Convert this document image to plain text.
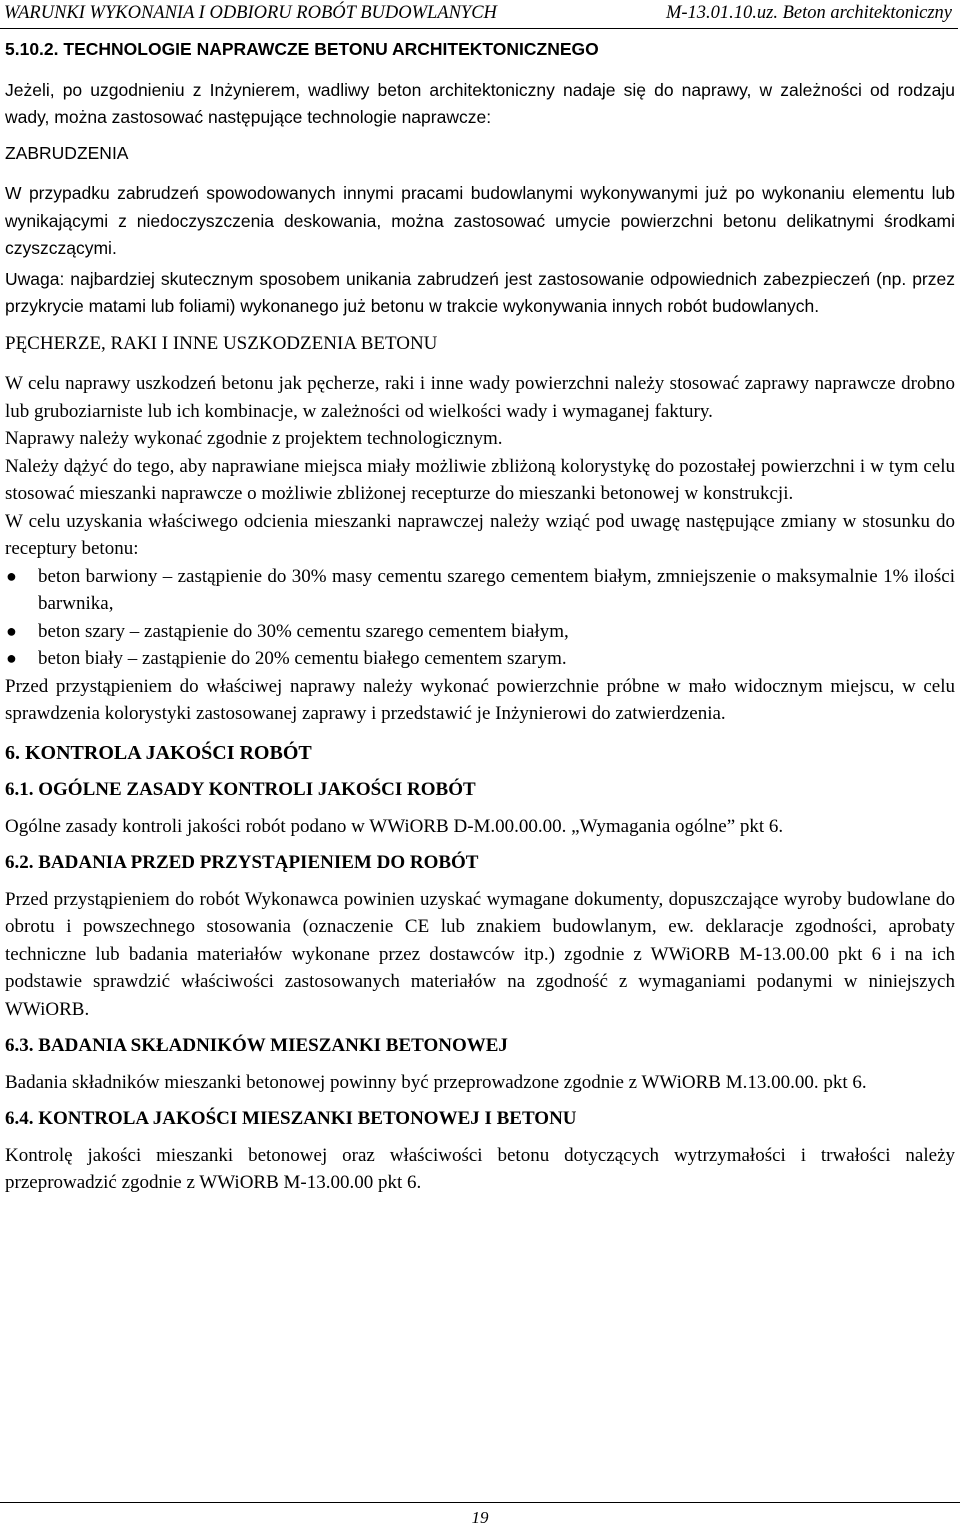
WARUNKI WYKONANIA I ODBIORU ROBÓT BUDOWLANYCH	M-13.01.10.uz. Beton architektoniczny

5.10.2. TECHNOLOGIE NAPRAWCZE BETONU ARCHITEKTONICZNEGO

Jeżeli, po uzgodnieniu z Inżynierem, wadliwy beton architektoniczny nadaje się do naprawy, w zależności od rodzaju wady, można zastosować następujące technologie naprawcze:

ZABRUDZENIA

W przypadku zabrudzeń spowodowanych innymi pracami budowlanymi wykonywanymi już po wykonaniu elementu lub wynikającymi z niedoczyszczenia deskowania, można zastosować umycie powierzchni betonu delikatnymi środkami czyszczącymi.

Uwaga: najbardziej skutecznym sposobem unikania zabrudzeń jest zastosowanie odpowiednich zabezpieczeń (np. przez przykrycie matami lub foliami) wykonanego już betonu w trakcie wykonywania innych robót budowlanych.

PĘCHERZE, RAKI I INNE USZKODZENIA BETONU

W celu naprawy uszkodzeń betonu jak pęcherze, raki i inne wady powierzchni należy stosować zaprawy naprawcze drobno lub gruboziarniste lub ich kombinacje, w zależności od wielkości wady i wymaganej faktury.

Naprawy należy wykonać zgodnie z projektem technologicznym.

Należy dążyć do tego, aby naprawiane miejsca miały możliwie zbliżoną kolorystykę do pozostałej powierzchni i w tym celu stosować mieszanki naprawcze o możliwie zbliżonej recepturze do mieszanki betonowej w konstrukcji.

W celu uzyskania właściwego odcienia mieszanki naprawczej należy wziąć pod uwagę następujące zmiany w stosunku do receptury betonu:

● beton barwiony – zastąpienie do 30% masy cementu szarego cementem białym, zmniejszenie o maksymalnie 1% ilości barwnika,
● beton szary – zastąpienie do 30% cementu szarego cementem białym,
● beton biały – zastąpienie do 20% cementu białego cementem szarym.

Przed przystąpieniem do właściwej naprawy należy wykonać powierzchnie próbne w mało widocznym miejscu, w celu sprawdzenia kolorystyki zastosowanej zaprawy i przedstawić je Inżynierowi do zatwierdzenia.

6. KONTROLA JAKOŚCI ROBÓT

6.1. OGÓLNE ZASADY KONTROLI JAKOŚCI ROBÓT

Ogólne zasady kontroli jakości robót podano w WWiORB D-M.00.00.00. „Wymagania ogólne” pkt 6.

6.2. BADANIA PRZED PRZYSTĄPIENIEM DO ROBÓT

Przed przystąpieniem do robót Wykonawca powinien uzyskać wymagane dokumenty, dopuszczające wyroby budowlane do obrotu i powszechnego stosowania (oznaczenie CE lub znakiem budowlanym, ew. deklaracje zgodności, aprobaty techniczne lub badania materiałów wykonane przez dostawców itp.) zgodnie z WWiORB M-13.00.00 pkt 6 i na ich podstawie sprawdzić właściwości zastosowanych materiałów na zgodność z wymaganiami podanymi w niniejszych WWiORB.

6.3. BADANIA SKŁADNIKÓW MIESZANKI BETONOWEJ

Badania składników mieszanki betonowej powinny być przeprowadzone zgodnie z WWiORB M.13.00.00. pkt 6.

6.4. KONTROLA JAKOŚCI MIESZANKI BETONOWEJ I BETONU

Kontrolę jakości mieszanki betonowej oraz właściwości betonu dotyczących wytrzymałości i trwałości należy przeprowadzić zgodnie z WWiORB M-13.00.00 pkt 6.

19
